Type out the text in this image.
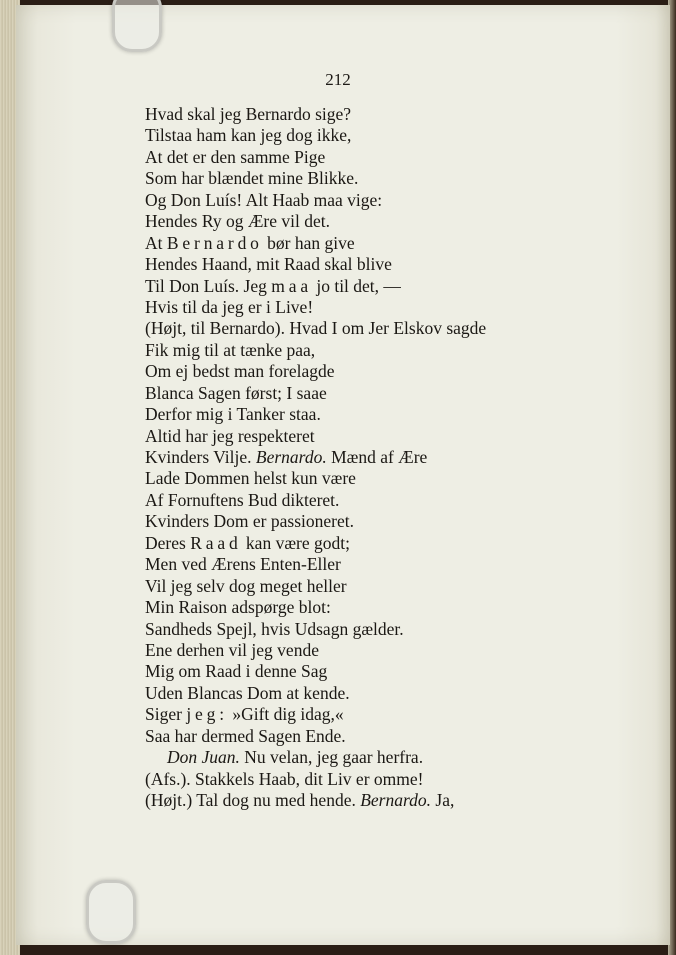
212
Hvad skal jeg Bernardo sige?
Tilstaa ham kan jeg dog ikke,
At det er den samme Pige
Som har blændet mine Blikke.
Og Don Luís! Alt Haab maa vige:
Hendes Ry og Ære vil det.
At Bernardo bør han give
Hendes Haand, mit Raad skal blive
Til Don Luís. Jeg maa jo til det, —
Hvis til da jeg er i Live!
(Højt, til Bernardo). Hvad I om Jer Elskov sagde
Fik mig til at tænke paa,
Om ej bedst man forelagde
Blanca Sagen først; I saae
Derfor mig i Tanker staa.
Altid har jeg respekteret
Kvinders Vilje. Bernardo. Mænd af Ære
Lade Dommen helst kun være
Af Fornuftens Bud dikteret.
Kvinders Dom er passioneret.
Deres Raad kan være godt;
Men ved Ærens Enten-Eller
Vil jeg selv dog meget heller
Min Raison adspørge blot:
Sandheds Spejl, hvis Udsagn gælder.
Ene derhen vil jeg vende
Mig om Raad i denne Sag
Uden Blancas Dom at kende.
Siger jeg: »Gift dig idag,«
Saa har dermed Sagen Ende.
Don Juan. Nu velan, jeg gaar herfra.
(Afs.). Stakkels Haab, dit Liv er omme!
(Højt.) Tal dog nu med hende. Bernardo. Ja,
